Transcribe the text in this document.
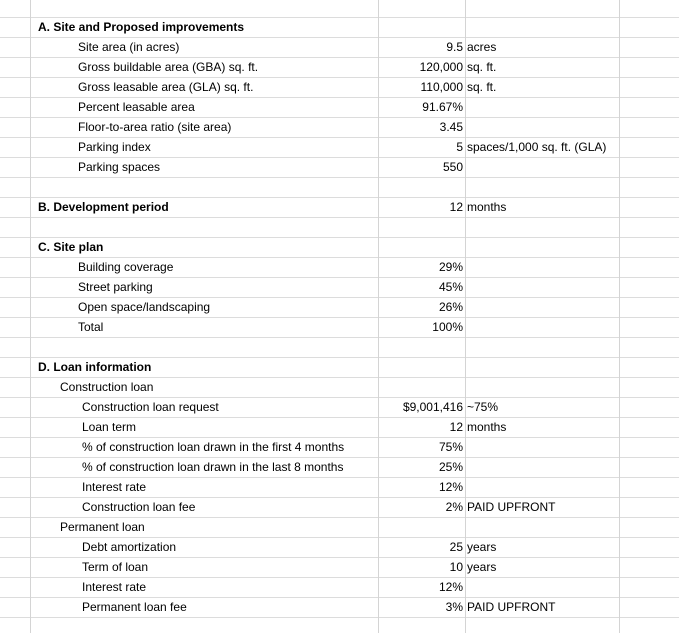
A. Site and Proposed improvements
Site area (in acres)	9.5 acres
Gross buildable area (GBA) sq. ft.	120,000 sq. ft.
Gross leasable area (GLA) sq. ft.	110,000 sq. ft.
Percent leasable area	91.67%
Floor-to-area ratio (site area)	3.45
Parking index	5 spaces/1,000 sq. ft. (GLA)
Parking spaces	550
B. Development period	12 months
C. Site plan
Building coverage	29%
Street parking	45%
Open space/landscaping	26%
Total	100%
D. Loan information
Construction loan
Construction loan request	$9,001,416 ~75%
Loan term	12 months
% of construction loan drawn in the first 4 months	75%
% of construction loan drawn in the last 8 months	25%
Interest rate	12%
Construction loan fee	2% PAID UPFRONT
Permanent loan
Debt amortization	25 years
Term of loan	10 years
Interest rate	12%
Permanent loan fee	3% PAID UPFRONT
